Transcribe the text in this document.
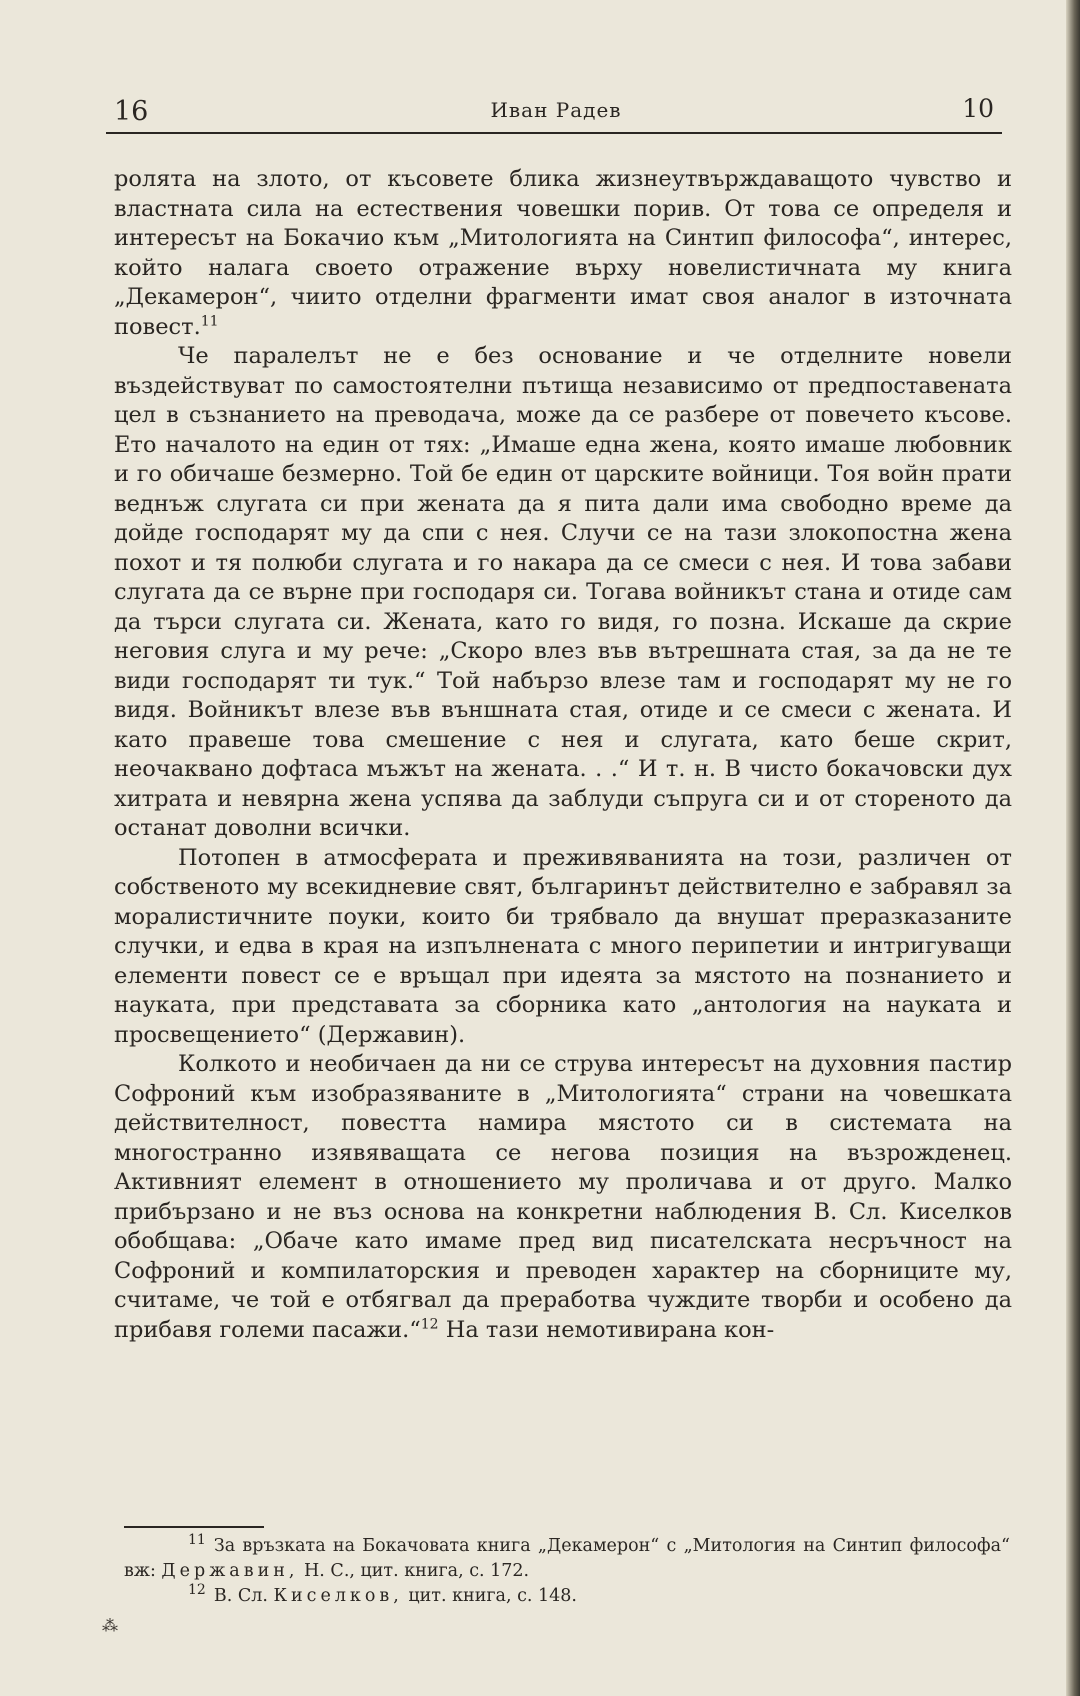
16	Иван Радев	10

ролята на злото, от късовете блика жизнеутвърждаващото чувство и властната сила на естествения човешки порив. От това се определя и интересът на Бокачио към „Митологията на Синтип философа“, интерес, който налага своето отражение върху новелистичната му книга „Декамерон“, чиито отделни фрагменти имат своя аналог в източната повест.$^{11}$

Че паралелът не е без основание и че отделните новели въздействуват по самостоятелни пътища независимо от предпоставената цел в съзнанието на преводача, може да се разбере от повечето късове. Ето началото на един от тях: „Имаше една жена, която имаше любовник и го обичаше безмерно. Той бе един от царските войници. Тоя войн прати веднъж слугата си при жената да я пита дали има свободно време да дойде господарят му да спи с нея. Случи се на тази злокопостна жена похот и тя полюби слугата и го накара да се смеси с нея. И това забави слугата да се върне при господаря си. Тогава войникът стана и отиде сам да търси слугата си. Жената, като го видя, го позна. Искаше да скрие неговия слуга и му рече: „Скоро влез във вътрешната стая, за да не те види господарят ти тук.“ Той набързо влезе там и господарят му не го видя. Войникът влезе във външната стая, отиде и се смеси с жената. И като правеше това смешение с нея и слугата, като беше скрит, неочаквано дофтаса мъжът на жената. . .“ И т. н. В чисто бокачовски дух хитрата и невярна жена успява да заблуди съпруга си и от стореното да останат доволни всички.

Потопен в атмосферата и преживяванията на този, различен от собственото му всекидневие свят, българинът действително е забравял за моралистичните поуки, които би трябвало да внушат преразказаните случки, и едва в края на изпълнената с много перипетии и интригуващи елементи повест се е връщал при идеята за мястото на познанието и науката, при представата за сборника като „антология на науката и просвещението“ (Державин).

Колкото и необичаен да ни се струва интересът на духовния пастир Софроний към изобразяваните в „Митологията“ страни на човешката действителност, повестта намира мястото си в системата на многостранно изявяващата се негова позиция на възрожденец. Активният елемент в отношението му проличава и от друго. Малко прибързано и не въз основа на конкретни наблюдения В. Сл. Киселков обобщава: „Обаче като имаме пред вид писателската несръчност на Софроний и компилаторския и преводен характер на сборниците му, считаме, че той е отбягвал да преработва чуждите творби и особено да прибавя големи пасажи.“$^{12}$ На тази немотивирана кон-

$^{11}$ За връзката на Бокачовата книга „Декамерон“ с „Митология на Синтип философа“ вж: Державин, Н. С., цит. книга, с. 172.

$^{12}$ В. Сл. Киселков, цит. книга, с. 148.

⁂
